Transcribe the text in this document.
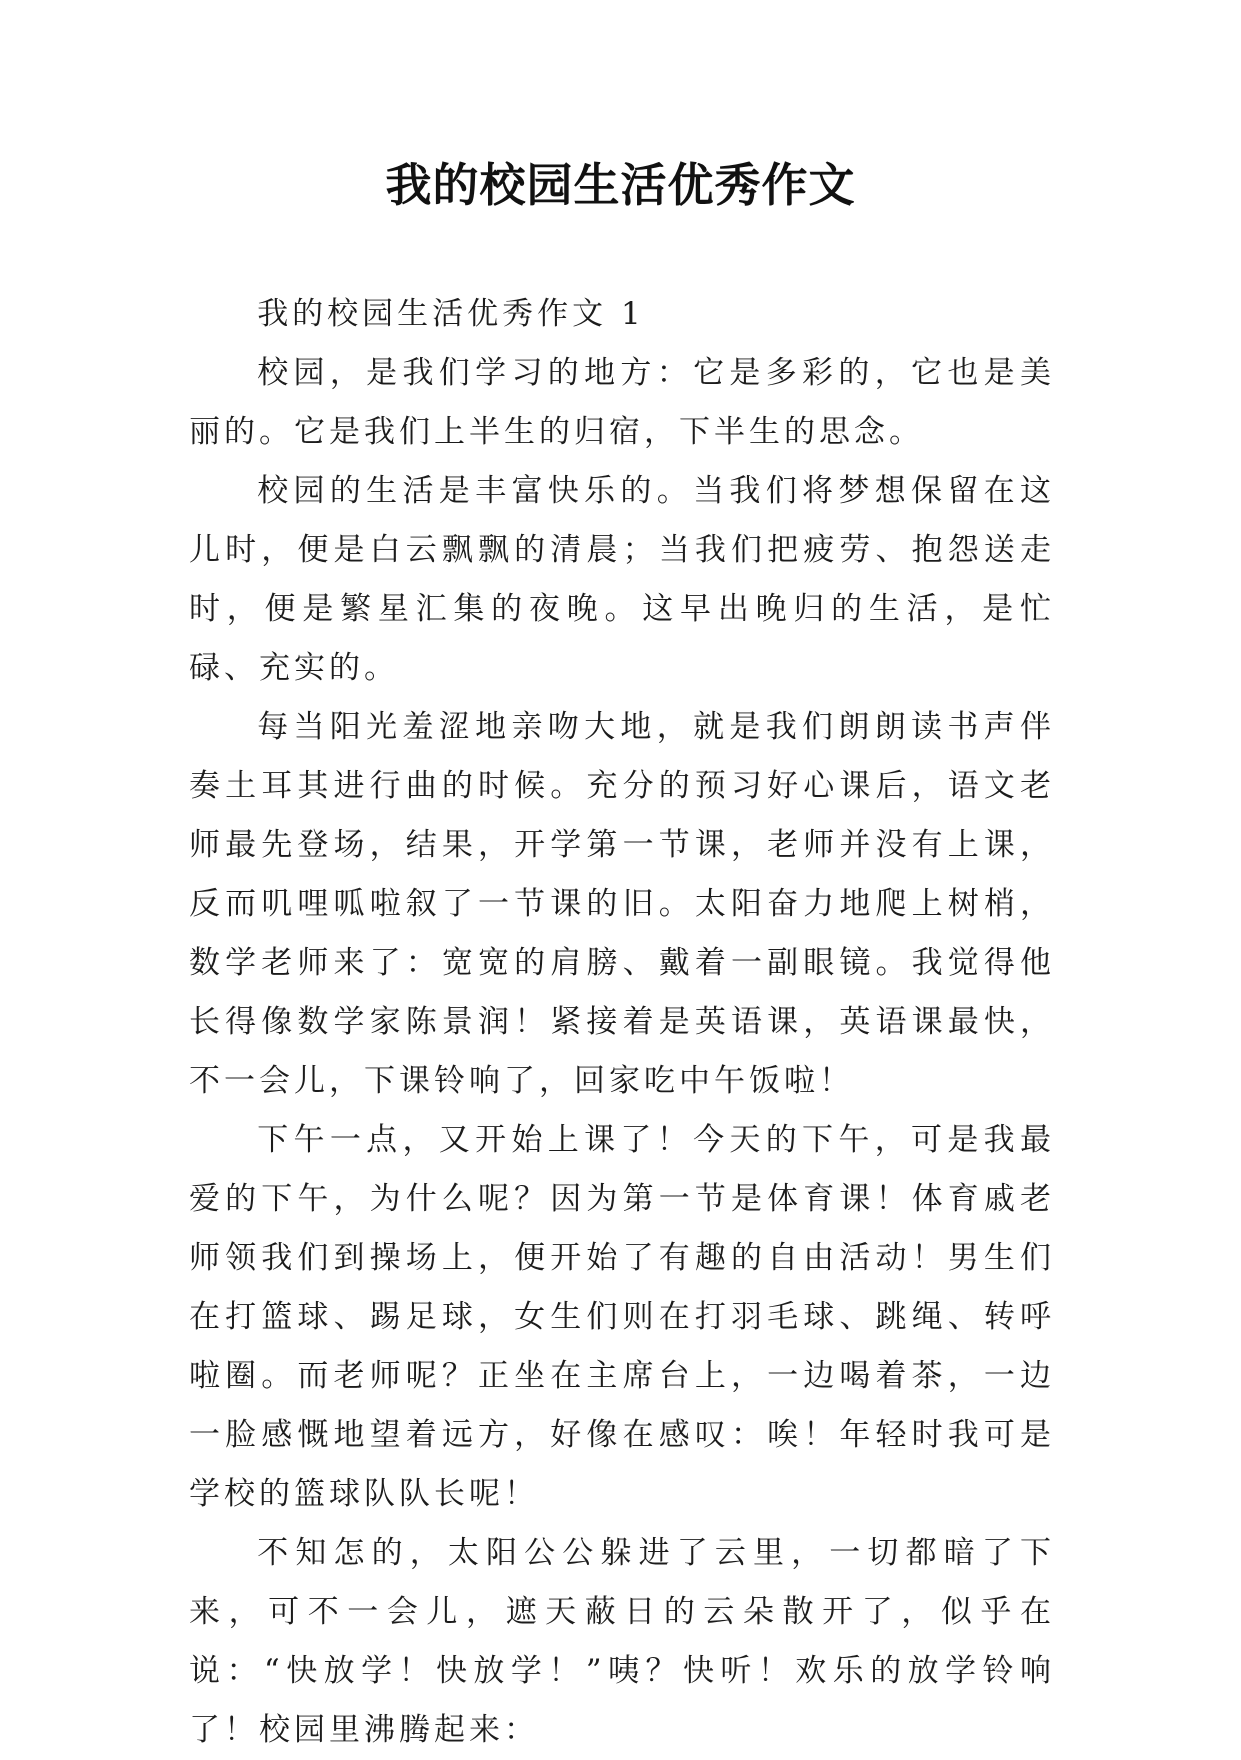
我的校园生活优秀作文

我的校园生活优秀作文 1

校园，是我们学习的地方：它是多彩的，它也是美丽的。它是我们上半生的归宿，下半生的思念。

校园的生活是丰富快乐的。当我们将梦想保留在这儿时，便是白云飘飘的清晨；当我们把疲劳、抱怨送走时，便是繁星汇集的夜晚。这早出晚归的生活，是忙碌、充实的。

每当阳光羞涩地亲吻大地，就是我们朗朗读书声伴奏土耳其进行曲的时候。充分的预习好心课后，语文老师最先登场，结果，开学第一节课，老师并没有上课，反而叽哩呱啦叙了一节课的旧。太阳奋力地爬上树梢，数学老师来了：宽宽的肩膀、戴着一副眼镜。我觉得他长得像数学家陈景润！紧接着是英语课，英语课最快，不一会儿，下课铃响了，回家吃中午饭啦！

下午一点，又开始上课了！今天的下午，可是我最爱的下午，为什么呢？因为第一节是体育课！体育戚老师领我们到操场上，便开始了有趣的自由活动！男生们在打篮球、踢足球，女生们则在打羽毛球、跳绳、转呼啦圈。而老师呢？正坐在主席台上，一边喝着茶，一边一脸感慨地望着远方，好像在感叹：唉！年轻时我可是学校的篮球队队长呢！

不知怎的，太阳公公躲进了云里，一切都暗了下来，可不一会儿，遮天蔽日的云朵散开了，似乎在说：“快放学！快放学！”咦？快听！欢乐的放学铃响了！校园里沸腾起来：
